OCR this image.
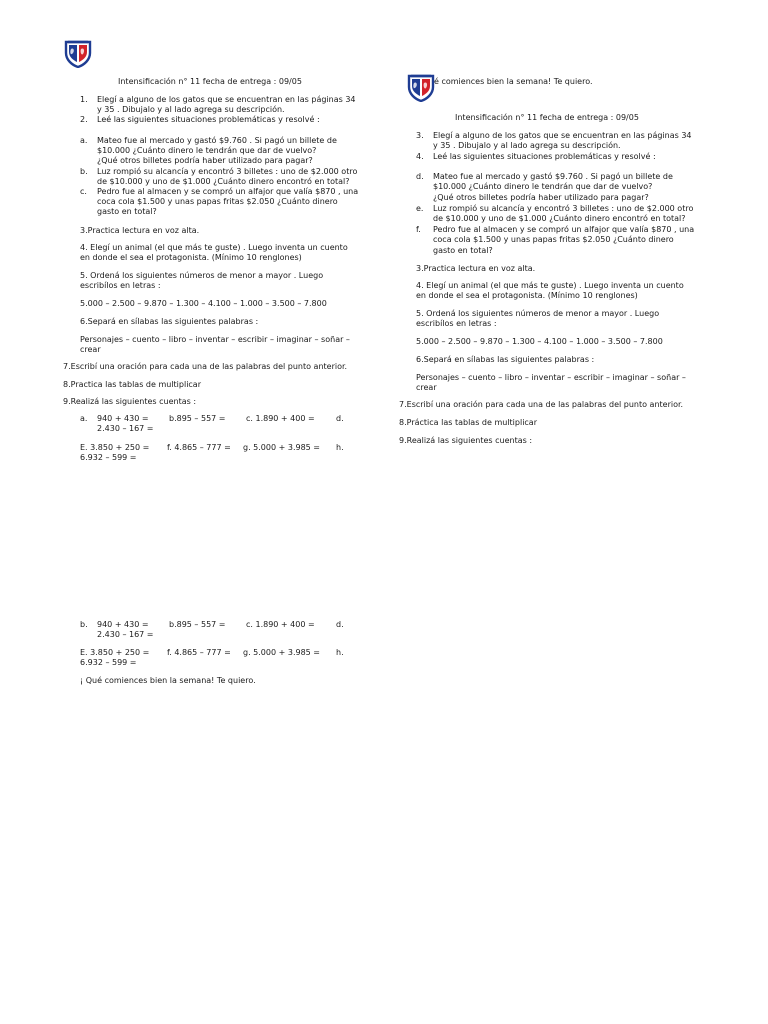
Intensificación n° 11 fecha de entrega : 09/05
1. Elegí a alguno de los gatos que se encuentran en las páginas 34
y 35 . Dibujalo y al lado agrega su descripción.
2. Leé las siguientes situaciones problemáticas y resolvé :
a. Mateo fue al mercado y gastó $9.760 . Si pagó un billete de
$10.000 ¿Cuánto dinero le tendrán que dar de vuelvo?
¿Qué otros billetes podría haber utilizado para pagar?
b. Luz rompió su alcancía y encontró 3 billetes : uno de $2.000 otro
de $10.000 y uno de $1.000 ¿Cuánto dinero encontró en total?
c. Pedro fue al almacen y se compró un alfajor que valía $870 , una
coca cola $1.500 y unas papas fritas $2.050 ¿Cuánto dinero
gasto en total?
3.Practica lectura en voz alta.
4. Elegí un animal (el que más te guste) . Luego inventa un cuento
en donde el sea el protagonista. (Mínimo 10 renglones)
5. Ordená los siguientes números de menor a mayor . Luego
escribílos en letras :
5.000 – 2.500 – 9.870 – 1.300 – 4.100 – 1.000 – 3.500 – 7.800
6.Separá en sílabas las siguientes palabras :
Personajes – cuento – libro – inventar – escribir – imaginar – soñar –
crear
7.Escribí una oración para cada una de las palabras del punto anterior.
8.Practica las tablas de multiplicar
9.Realizá las siguientes cuentas :
a. 940 + 430 =	b.895 – 557 =	c. 1.890 + 400 =	d.
2.430 – 167 =
E. 3.850 + 250 = f. 4.865 – 777 = g. 5.000 + 3.985 = h.
6.932 – 599 =
b. 940 + 430 =	b.895 – 557 =	c. 1.890 + 400 =	d.
2.430 – 167 =
E. 3.850 + 250 = f. 4.865 – 777 = g. 5.000 + 3.985 = h.
6.932 – 599 =
¡ Qué comiences bien la semana! Te quiero.
é comiences bien la semana! Te quiero.
Intensificación n° 11 fecha de entrega : 09/05
3. Elegí a alguno de los gatos que se encuentran en las páginas 34
y 35 . Dibujalo y al lado agrega su descripción.
4. Leé las siguientes situaciones problemáticas y resolvé :
d. Mateo fue al mercado y gastó $9.760 . Si pagó un billete de
$10.000 ¿Cuánto dinero le tendrán que dar de vuelvo?
¿Qué otros billetes podría haber utilizado para pagar?
e. Luz rompió su alcancía y encontró 3 billetes : uno de $2.000 otro
de $10.000 y uno de $1.000 ¿Cuánto dinero encontró en total?
f. Pedro fue al almacen y se compró un alfajor que valía $870 , una
coca cola $1.500 y unas papas fritas $2.050 ¿Cuánto dinero
gasto en total?
3.Practica lectura en voz alta.
4. Elegí un animal (el que más te guste) . Luego inventa un cuento
en donde el sea el protagonista. (Mínimo 10 renglones)
5. Ordená los siguientes números de menor a mayor . Luego
escribílos en letras :
5.000 – 2.500 – 9.870 – 1.300 – 4.100 – 1.000 – 3.500 – 7.800
6.Separá en sílabas las siguientes palabras :
Personajes – cuento – libro – inventar – escribir – imaginar – soñar –
crear
7.Escribí una oración para cada una de las palabras del punto anterior.
8.Práctica las tablas de multiplicar
9.Realizá las siguientes cuentas :
